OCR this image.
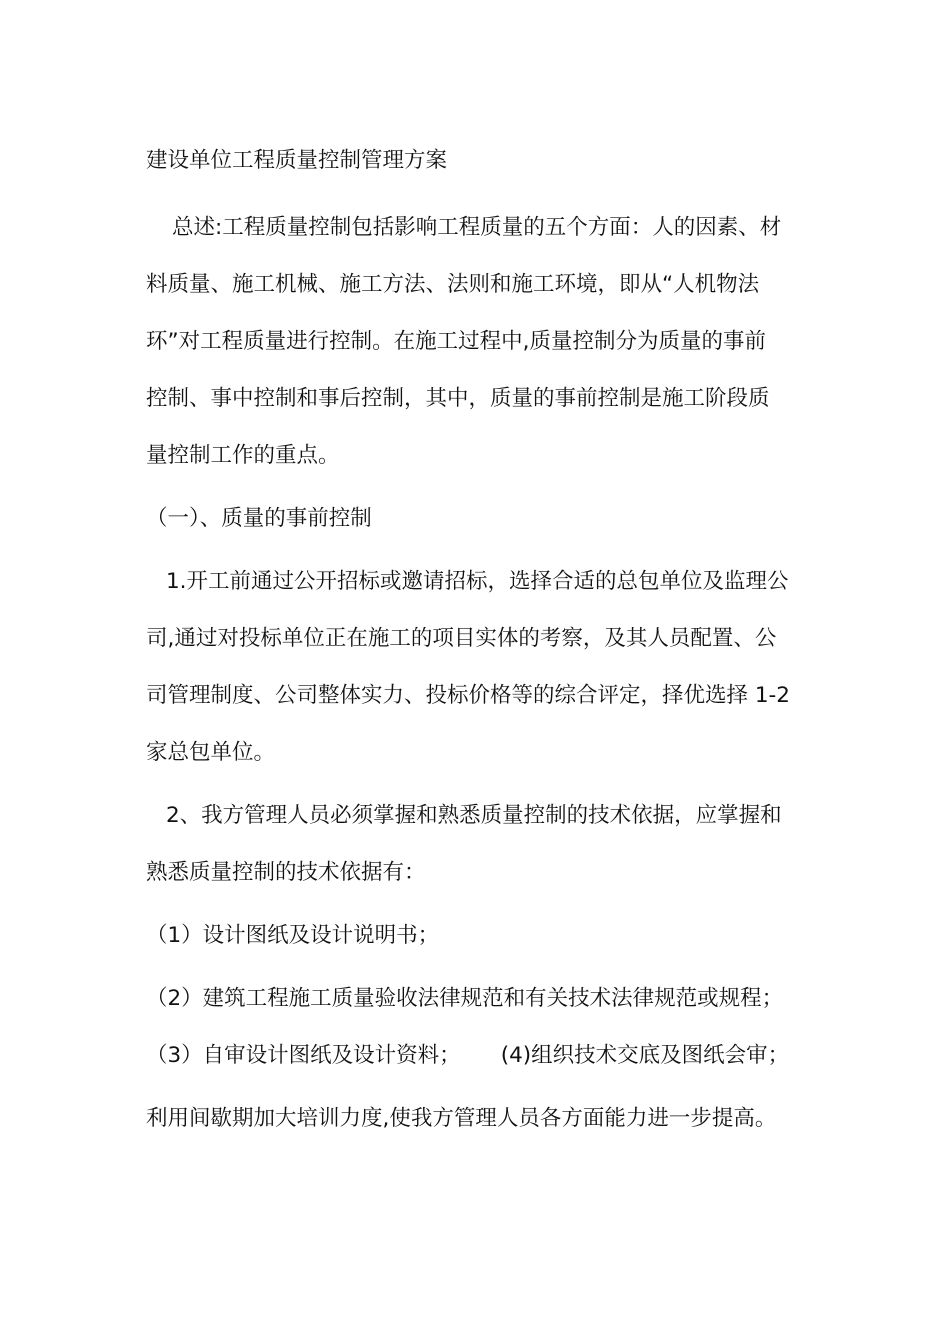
建设单位工程质量控制管理方案
总述:工程质量控制包括影响工程质量的五个方面：人的因素、材
料质量、施工机械、施工方法、法则和施工环境，即从“人机物法
环”对工程质量进行控制。在施工过程中,质量控制分为质量的事前
控制、事中控制和事后控制，其中，质量的事前控制是施工阶段质
量控制工作的重点。
（一）、质量的事前控制
1.开工前通过公开招标或邀请招标，选择合适的总包单位及监理公
司,通过对投标单位正在施工的项目实体的考察，及其人员配置、公
司管理制度、公司整体实力、投标价格等的综合评定，择优选择 1-2
家总包单位。
2、我方管理人员必须掌握和熟悉质量控制的技术依据，应掌握和
熟悉质量控制的技术依据有：
（1）设计图纸及设计说明书；
（2）建筑工程施工质量验收法律规范和有关技术法律规范或规程；
（3）自审设计图纸及设计资料； (4)组织技术交底及图纸会审；
利用间歇期加大培训力度,使我方管理人员各方面能力进一步提高。
